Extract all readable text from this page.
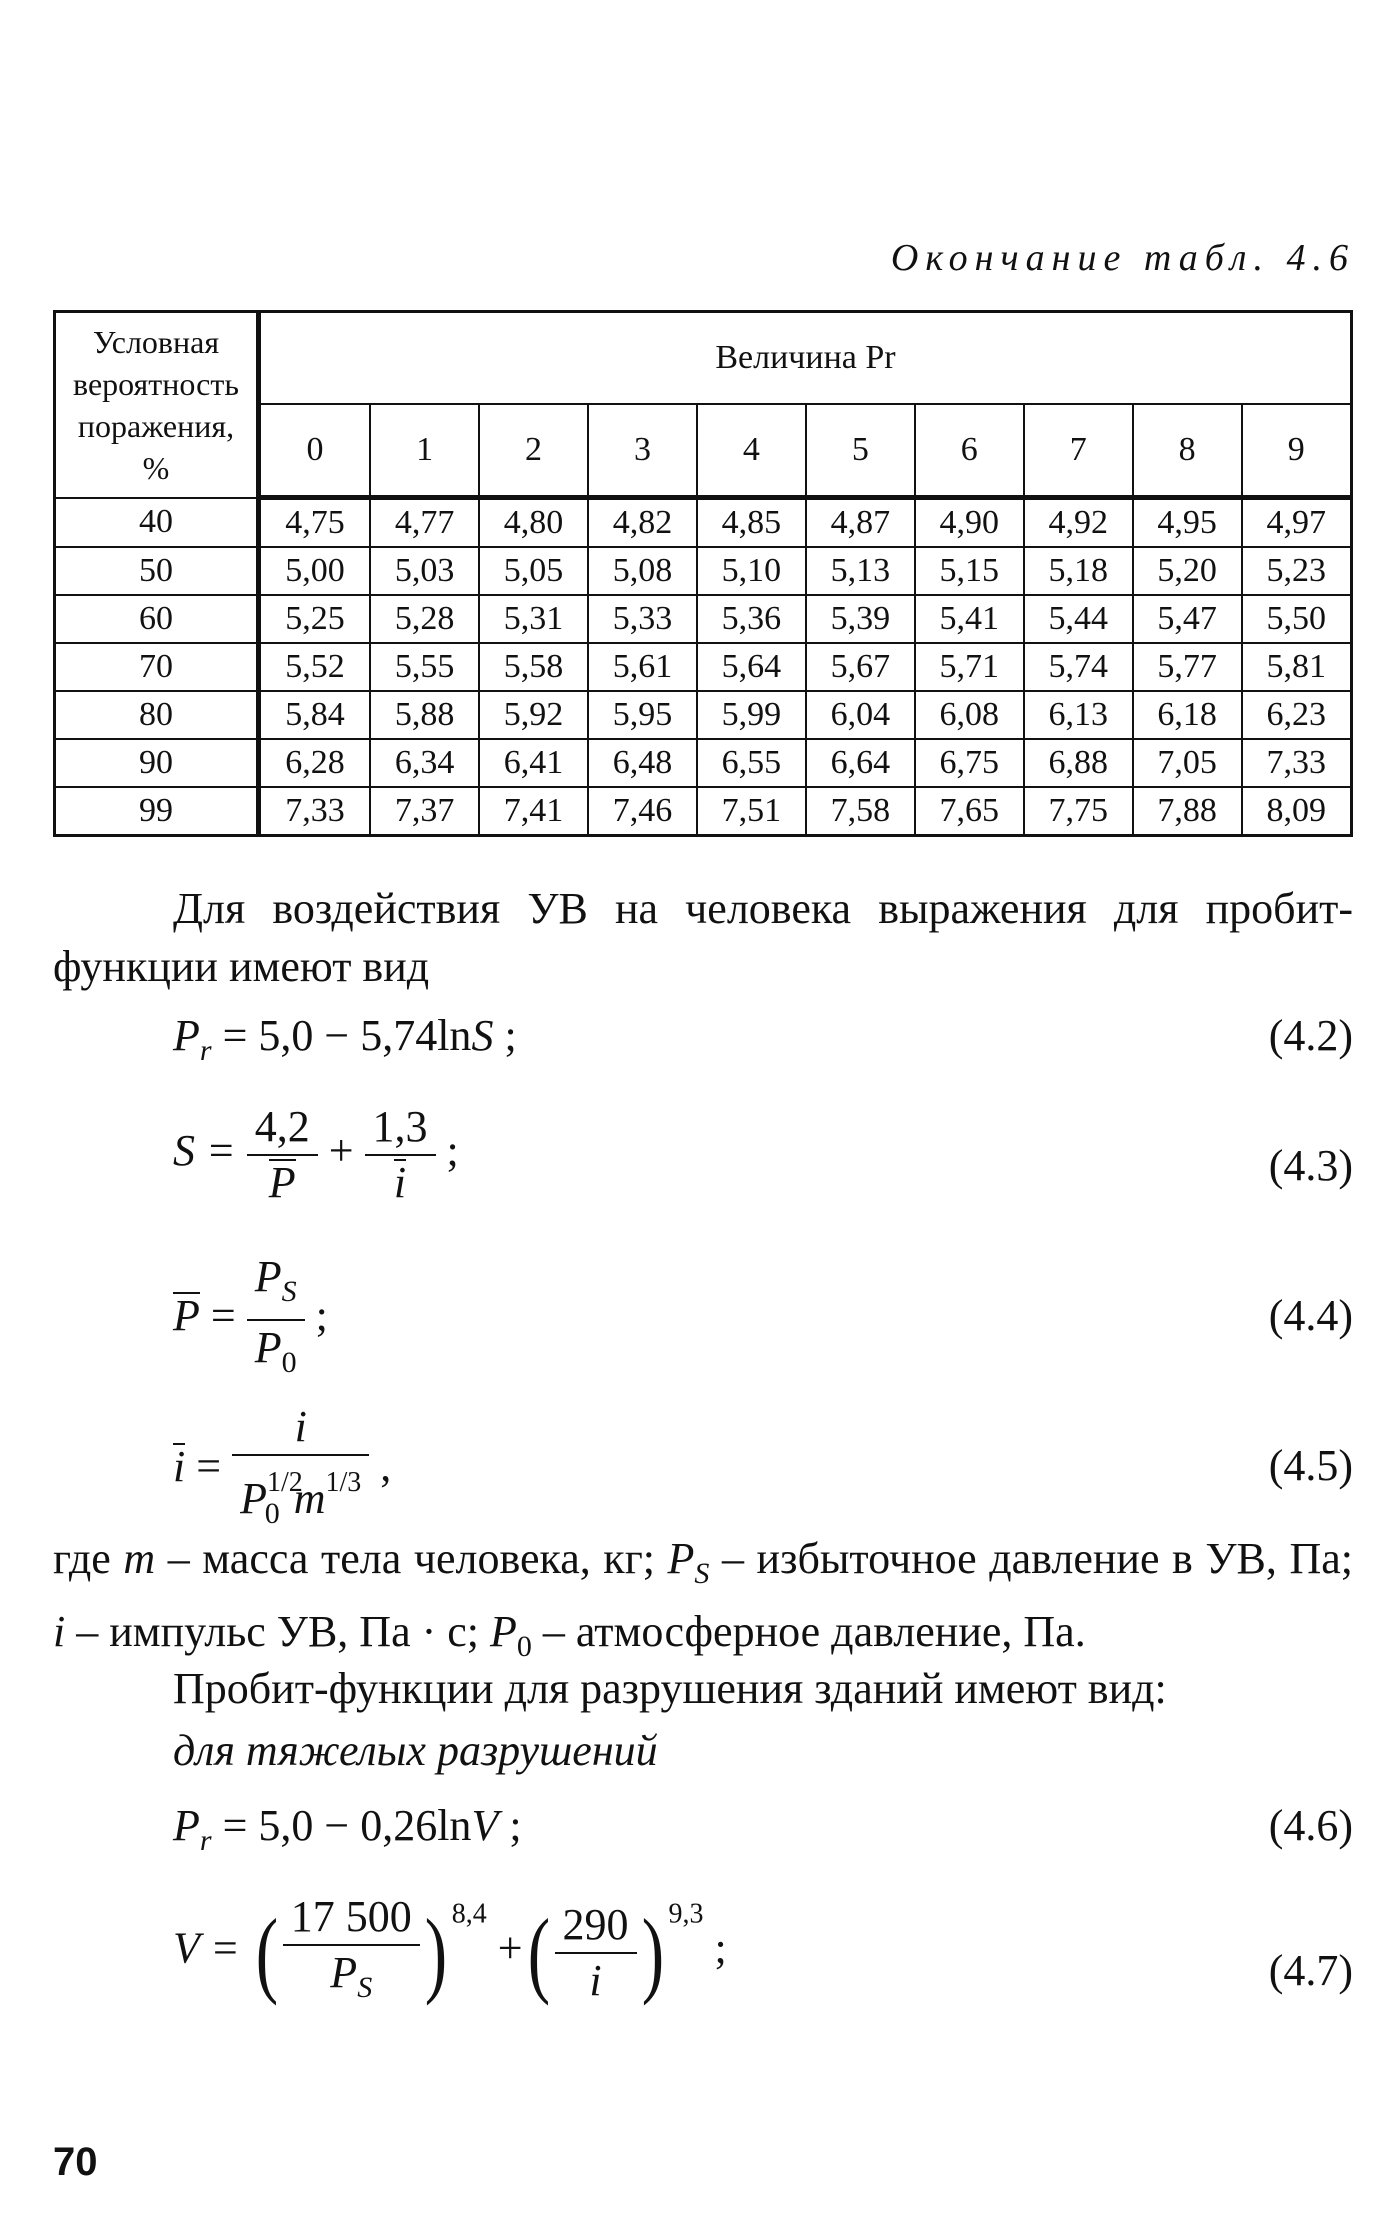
Окончание табл. 4.6
Условная
вероятность
поражения,
%	Величина Pr									
	0	1	2	3	4	5	6	7	8	9
40	4,75	4,77	4,80	4,82	4,85	4,87	4,90	4,92	4,95	4,97
50	5,00	5,03	5,05	5,08	5,10	5,13	5,15	5,18	5,20	5,23
60	5,25	5,28	5,31	5,33	5,36	5,39	5,41	5,44	5,47	5,50
70	5,52	5,55	5,58	5,61	5,64	5,67	5,71	5,74	5,77	5,81
80	5,84	5,88	5,92	5,95	5,99	6,04	6,08	6,13	6,18	6,23
90	6,28	6,34	6,41	6,48	6,55	6,64	6,75	6,88	7,05	7,33
99	7,33	7,37	7,41	7,46	7,51	7,58	7,65	7,75	7,88	8,09
Для воздействия УВ на человека выражения для пробит-функции имеют вид
$P_r = 5,0 - 5,74\ln S$ ;	(4.2)
$S = \frac{4,2}{P} + \frac{1,3}{i}$ ;	(4.3)
$P = \frac{P_S}{P_0}$ ;	(4.4)
$i = \frac{i}{P^{1/2}_0 m^{1/3}}$ ,	(4.5)
где m – масса тела человека, кг; $P_S$ – избыточное давление в УВ, Па; i – импульс УВ, Па · с; $P_0$ – атмосферное давление, Па.
Пробит-функции для разрушения зданий имеют вид:
для тяжелых разрушений
$P_r = 5,0 - 0,26\ln V$ ;	(4.6)
V = ( $\frac{17 500}{P_S}$ ) $^{8,4}$ +( $\frac{290}{i}$ ) $^{9,3}$ ;	(4.7)
70
